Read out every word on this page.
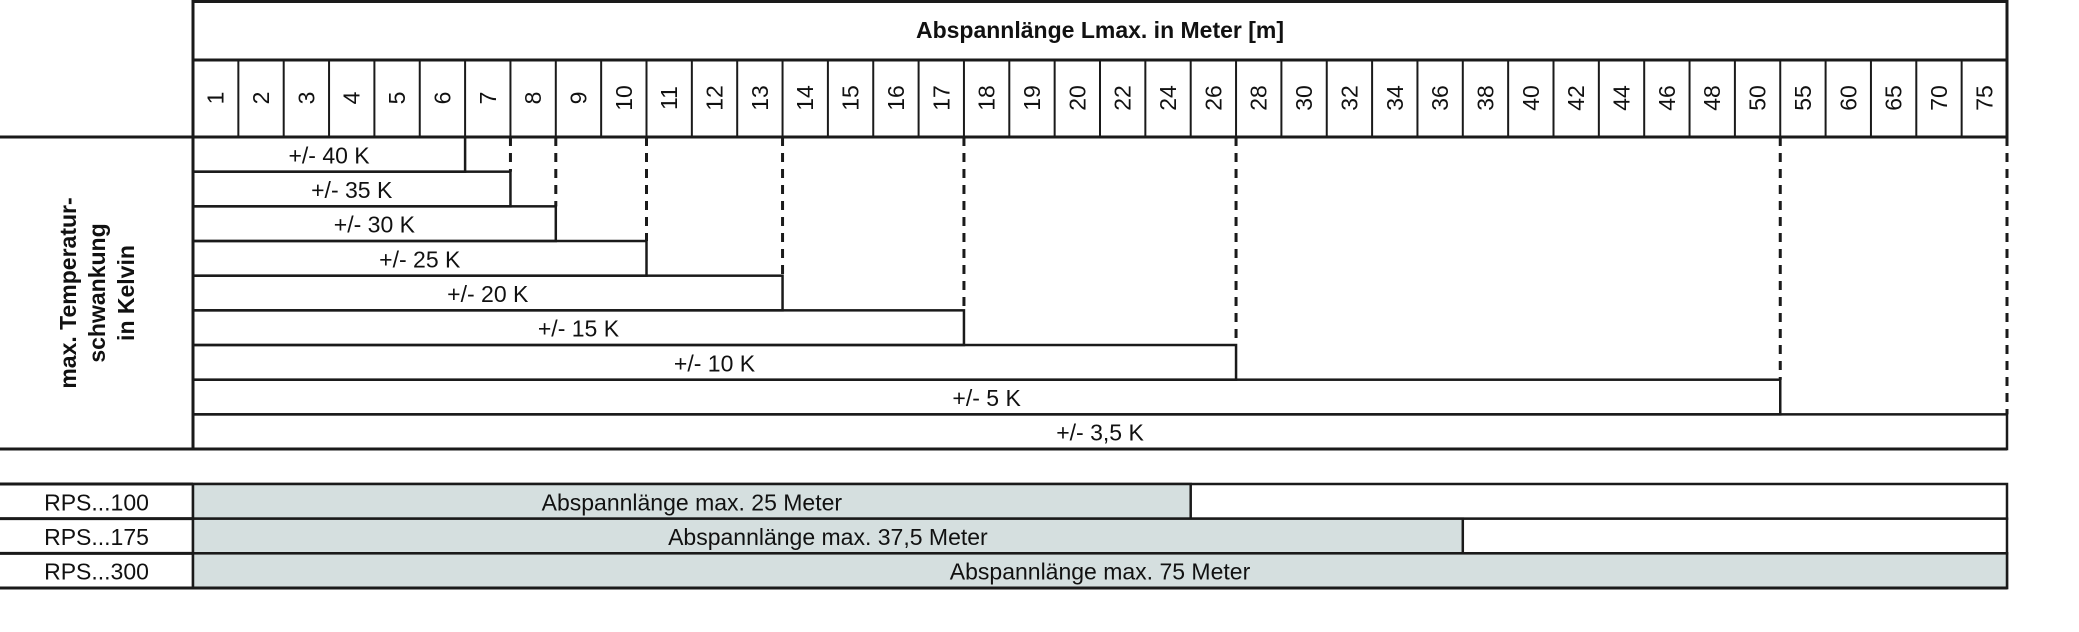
Abspannlänge Lmax. in Meter [m]
1 2 3 4 5 6 7 8 9 10 11 12 13 14 15 16 17 18 19 20 22 24 26 28 30 32 34 36 38 40 42 44 46 48 50 55 60 65 70 75
max. Temperatur- schwankung in Kelvin
+/- 40 K
+/- 35 K
+/- 30 K
+/- 25 K
+/- 20 K
+/- 15 K
+/- 10 K
+/- 5 K
+/- 3,5 K
RPS...100	Abspannlänge max. 25 Meter
RPS...175	Abspannlänge max. 37,5 Meter
RPS...300	Abspannlänge max. 75 Meter
